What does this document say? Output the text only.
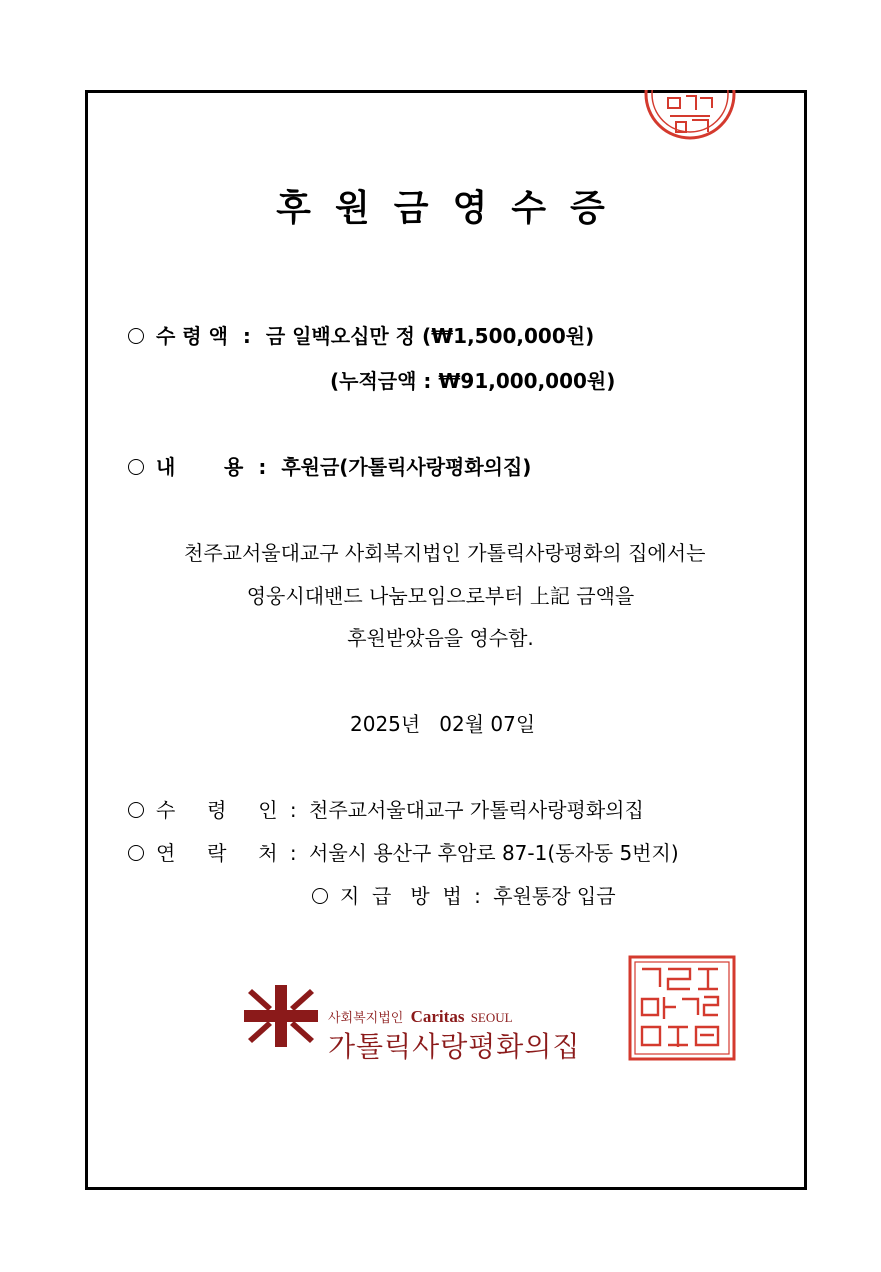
후원금영수증
수 령 액 : 금 일백오십만 정 (₩1,500,000원)
(누적금액 : ₩91,000,000원)
내       용 : 후원금(가톨릭사랑평화의집)
천주교서울대교구 사회복지법인 가톨릭사랑평화의 집에서는
영웅시대밴드 나눔모임으로부터 上記 금액을
후원받았음을 영수함.
2025년   02월 07일
수     령     인 : 천주교서울대교구 가톨릭사랑평화의집
연     락     처 : 서울시 용산구 후암로 87-1(동자동 5번지)
지  급   방  법 : 후원통장 입금
사회복지법인 Caritas SEOUL
가톨릭사랑평화의집
